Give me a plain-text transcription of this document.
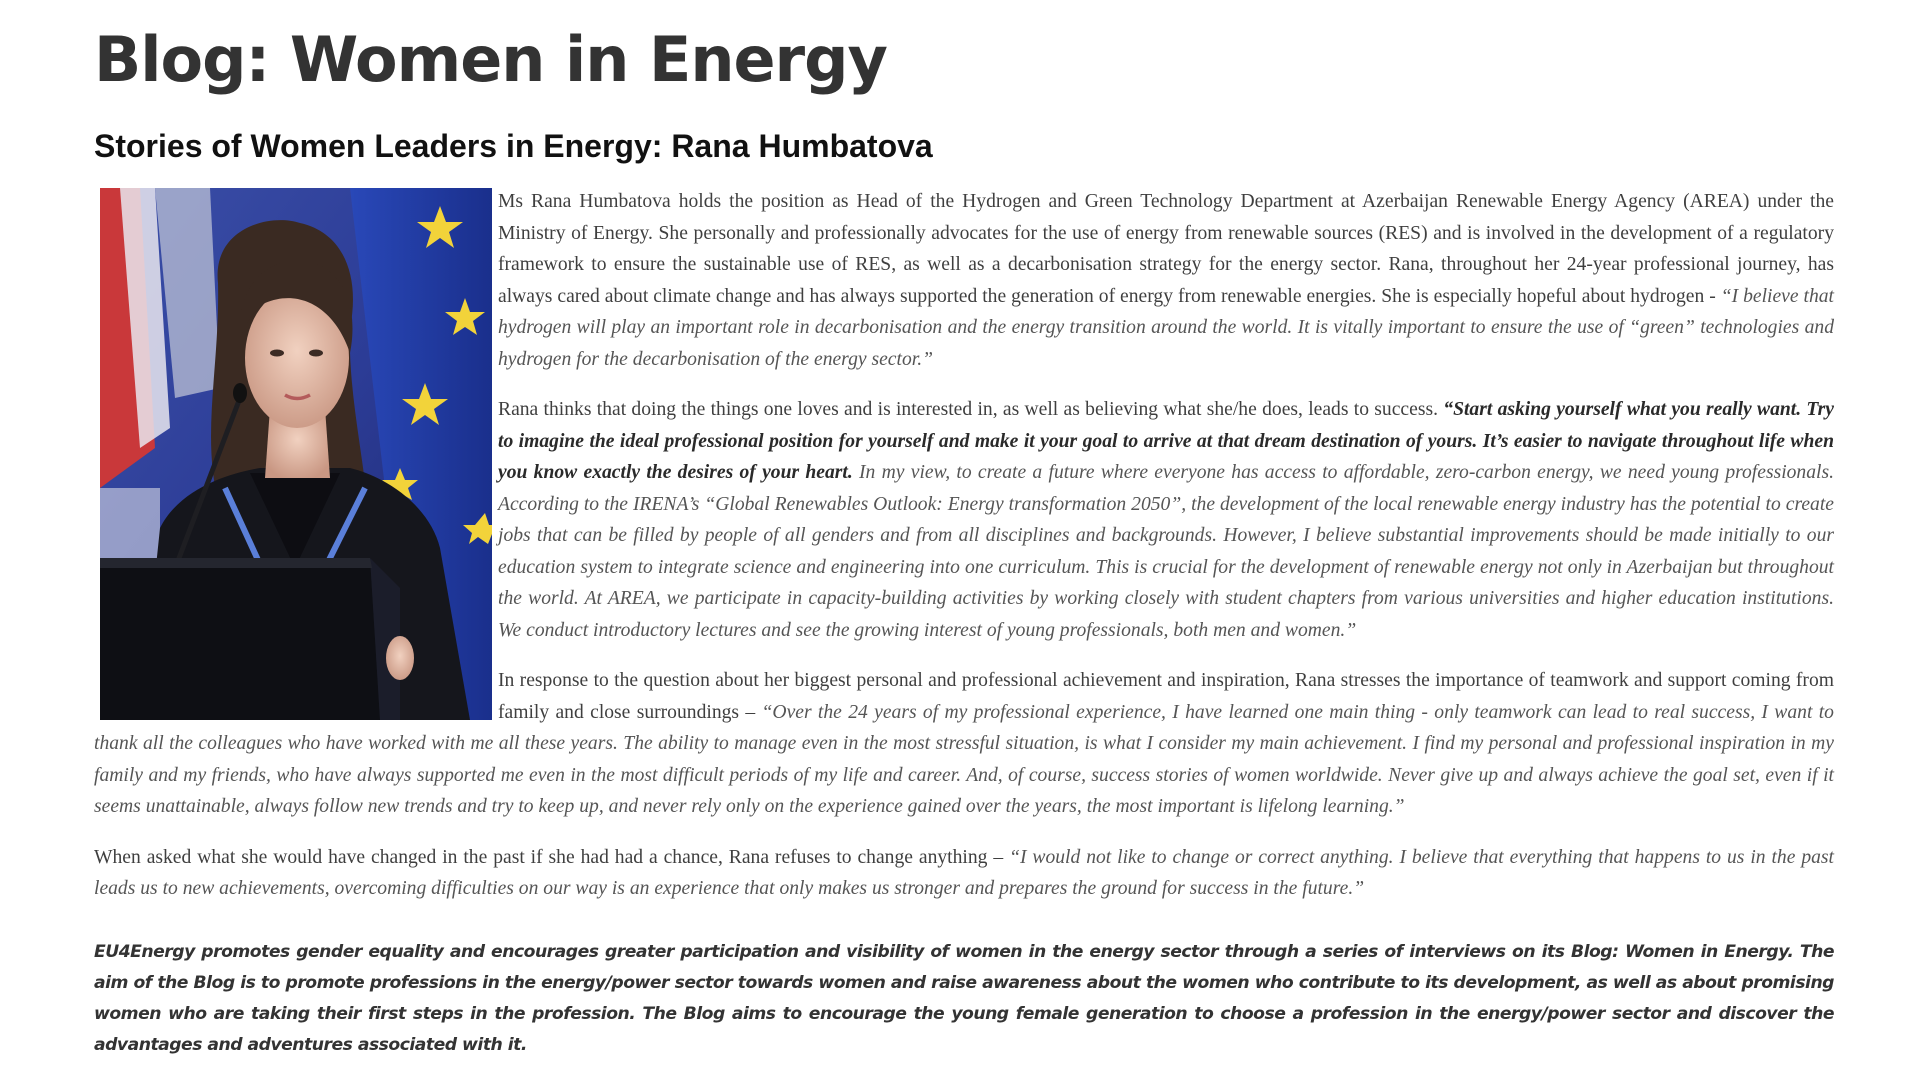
Blog: Women in Energy
Stories of Women Leaders in Energy: Rana Humbatova

Ms Rana Humbatova holds the position as Head of the Hydrogen and Green Technology Department at Azerbaijan Renewable Energy Agency (AREA) under the Ministry of Energy. She personally and professionally advocates for the use of energy from renewable sources (RES) and is involved in the development of a regulatory framework to ensure the sustainable use of RES, as well as a decarbonisation strategy for the energy sector. Rana, throughout her 24-year professional journey, has always cared about climate change and has always supported the generation of energy from renewable energies. She is especially hopeful about hydrogen - “I believe that hydrogen will play an important role in decarbonisation and the energy transition around the world. It is vitally important to ensure the use of “green” technologies and hydrogen for the decarbonisation of the energy sector.”

Rana thinks that doing the things one loves and is interested in, as well as believing what she/he does, leads to success. “Start asking yourself what you really want. Try to imagine the ideal professional position for yourself and make it your goal to arrive at that dream destination of yours. It’s easier to navigate throughout life when you know exactly the desires of your heart. In my view, to create a future where everyone has access to affordable, zero-carbon energy, we need young professionals. According to the IRENA’s “Global Renewables Outlook: Energy transformation 2050”, the development of the local renewable energy industry has the potential to create jobs that can be filled by people of all genders and from all disciplines and backgrounds. However, I believe substantial improvements should be made initially to our education system to integrate science and engineering into one curriculum. This is crucial for the development of renewable energy not only in Azerbaijan but throughout the world. At AREA, we participate in capacity-building activities by working closely with student chapters from various universities and higher education institutions. We conduct introductory lectures and see the growing interest of young professionals, both men and women.”

In response to the question about her biggest personal and professional achievement and inspiration, Rana stresses the importance of teamwork and support coming from family and close surroundings – “Over the 24 years of my professional experience, I have learned one main thing - only teamwork can lead to real success, I want to thank all the colleagues who have worked with me all these years. The ability to manage even in the most stressful situation, is what I consider my main achievement. I find my personal and professional inspiration in my family and my friends, who have always supported me even in the most difficult periods of my life and career. And, of course, success stories of women worldwide. Never give up and always achieve the goal set, even if it seems unattainable, always follow new trends and try to keep up, and never rely only on the experience gained over the years, the most important is lifelong learning.”

When asked what she would have changed in the past if she had had a chance, Rana refuses to change anything – “I would not like to change or correct anything. I believe that everything that happens to us in the past leads us to new achievements, overcoming difficulties on our way is an experience that only makes us stronger and prepares the ground for success in the future.”

EU4Energy promotes gender equality and encourages greater participation and visibility of women in the energy sector through a series of interviews on its Blog: Women in Energy. The aim of the Blog is to promote professions in the energy/power sector towards women and raise awareness about the women who contribute to its development, as well as about promising women who are taking their first steps in the profession. The Blog aims to encourage the young female generation to choose a profession in the energy/power sector and discover the advantages and adventures associated with it.
